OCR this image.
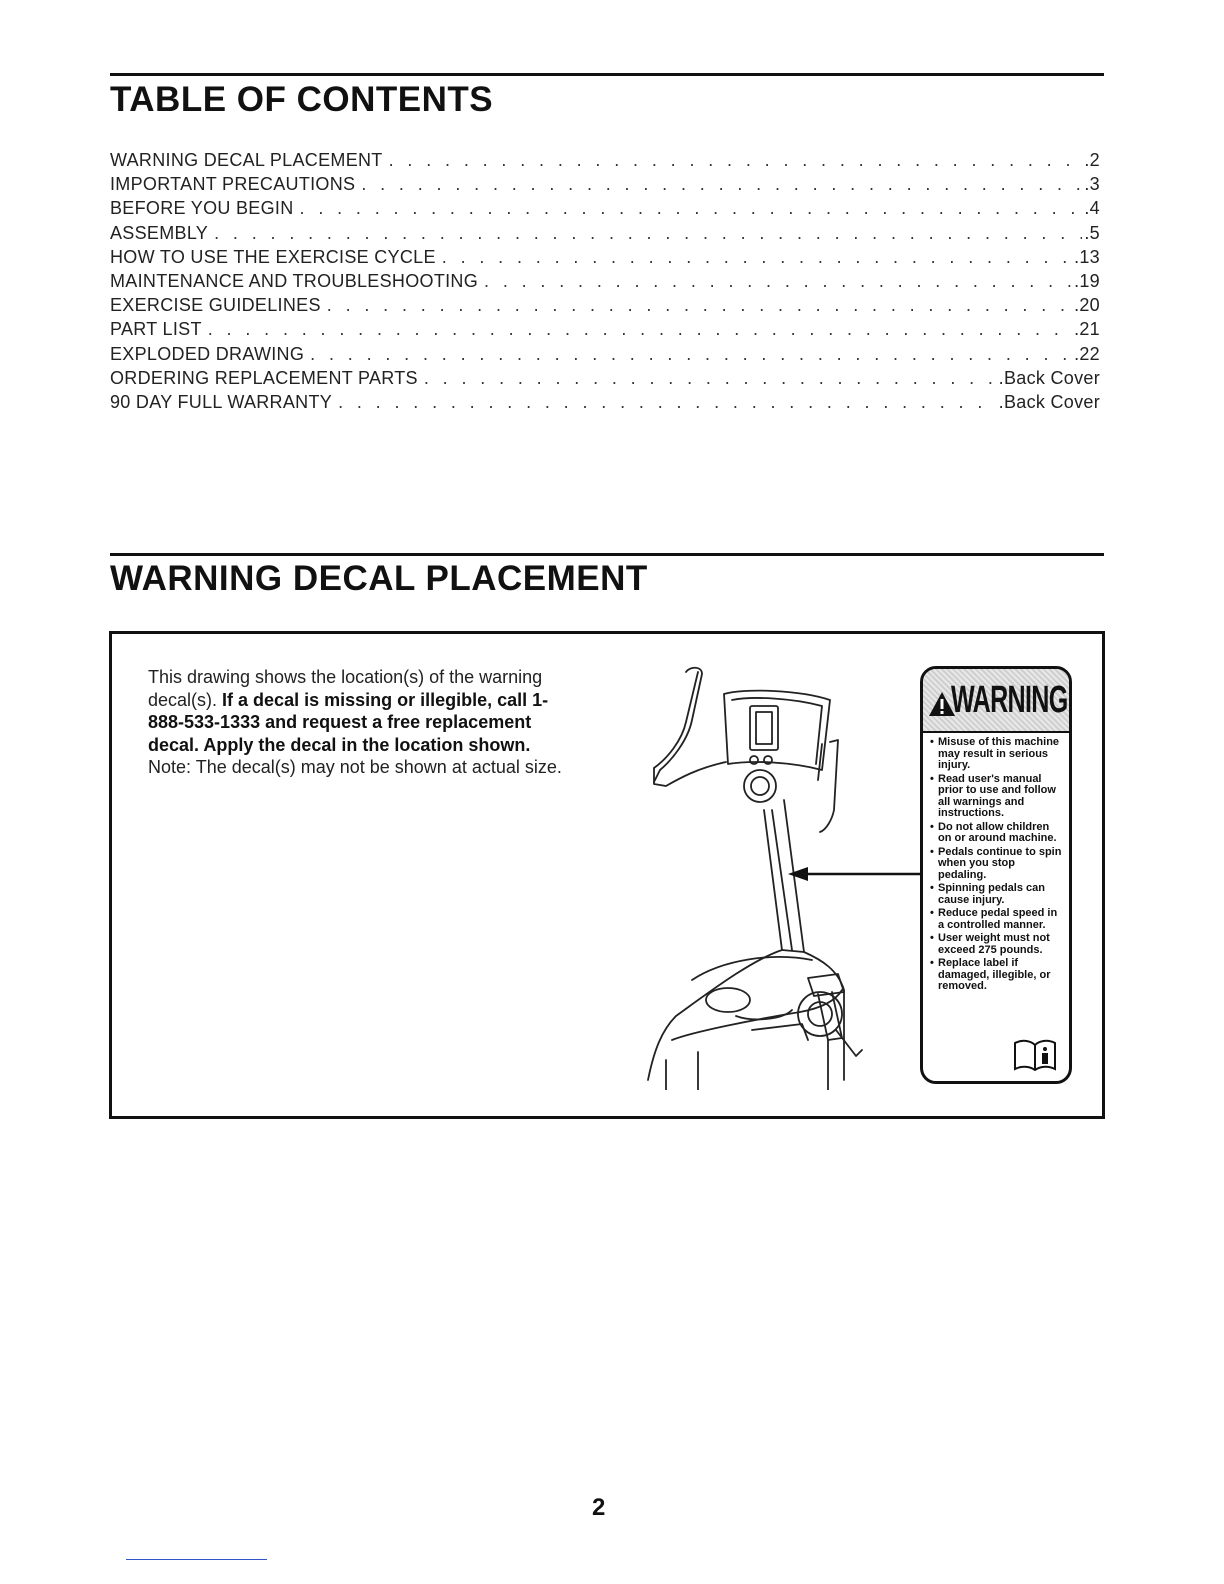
TABLE OF CONTENTS
WARNING DECAL PLACEMENT . . .	.2
IMPORTANT PRECAUTIONS . . .	.3
BEFORE YOU BEGIN . . .	.4
ASSEMBLY . . .	.5
HOW TO USE THE EXERCISE CYCLE . . .	.13
MAINTENANCE AND TROUBLESHOOTING . . .	.19
EXERCISE GUIDELINES . . .	.20
PART LIST . . .	.21
EXPLODED DRAWING . . .	.22
ORDERING REPLACEMENT PARTS . . .	.Back Cover
90 DAY FULL WARRANTY . . .	.Back Cover
WARNING DECAL PLACEMENT

This drawing shows the location(s) of the warning decal(s). If a decal is missing or illegible, call 1-888-533-1333 and request a free replacement decal. Apply the decal in the location shown. Note: The decal(s) may not be shown at actual size.

WARNING
• Misuse of this machine may result in serious injury.
• Read user's manual prior to use and follow all warnings and instructions.
• Do not allow children on or around machine.
• Pedals continue to spin when you stop pedaling.
• Spinning pedals can cause injury.
• Reduce pedal speed in a controlled manner.
• User weight must not exceed 275 pounds.
• Replace label if damaged, illegible, or removed.
2
